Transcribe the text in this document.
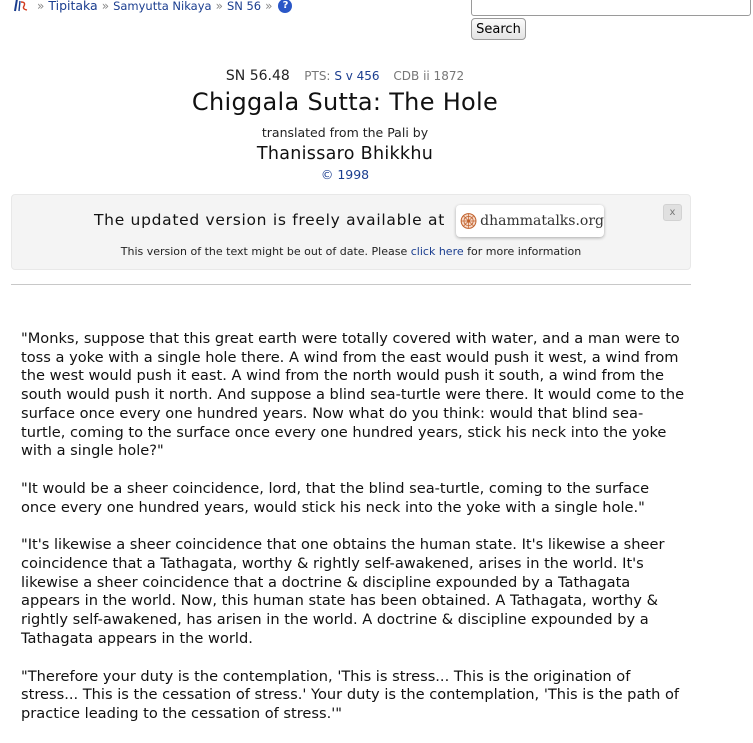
» Tipitaka » Samyutta Nikaya » SN 56 »	?
Search
SN 56.48 PTS: S v 456 CDB ii 1872
Chiggala Sutta: The Hole
translated from the Pali by
Thanissaro Bhikkhu
© 1998
The updated version is freely available at	dhammatalks.org
x
This version of the text might be out of date. Please click here for more information

"Monks, suppose that this great earth were totally covered with water, and a man were to toss a yoke with a single hole there. A wind from the east would push it west, a wind from the west would push it east. A wind from the north would push it south, a wind from the south would push it north. And suppose a blind sea-turtle were there. It would come to the surface once every one hundred years. Now what do you think: would that blind sea-turtle, coming to the surface once every one hundred years, stick his neck into the yoke with a single hole?"

"It would be a sheer coincidence, lord, that the blind sea-turtle, coming to the surface once every one hundred years, would stick his neck into the yoke with a single hole."

"It's likewise a sheer coincidence that one obtains the human state. It's likewise a sheer coincidence that a Tathagata, worthy & rightly self-awakened, arises in the world. It's likewise a sheer coincidence that a doctrine & discipline expounded by a Tathagata appears in the world. Now, this human state has been obtained. A Tathagata, worthy & rightly self-awakened, has arisen in the world. A doctrine & discipline expounded by a Tathagata appears in the world.

"Therefore your duty is the contemplation, 'This is stress... This is the origination of stress... This is the cessation of stress.' Your duty is the contemplation, 'This is the path of practice leading to the cessation of stress.'"
